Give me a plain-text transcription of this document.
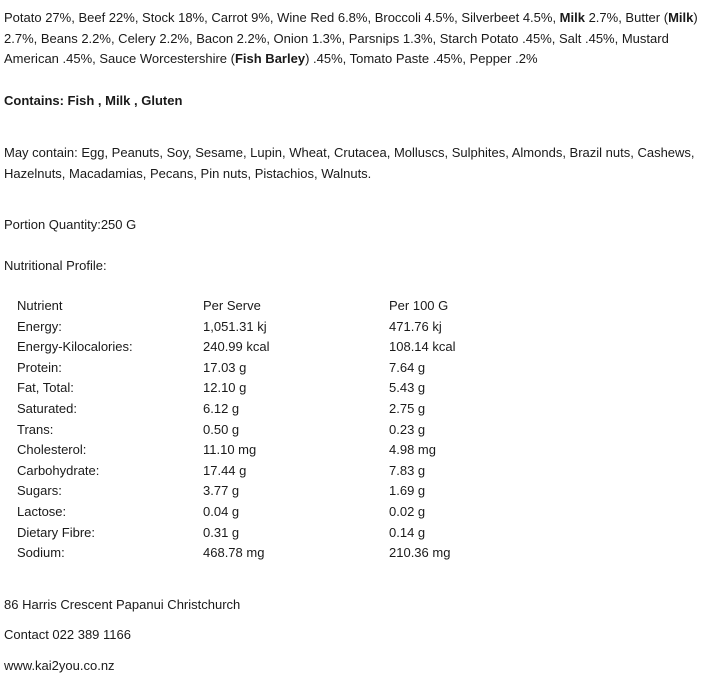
Potato 27%, Beef 22%, Stock 18%, Carrot 9%, Wine Red 6.8%, Broccoli 4.5%, Silverbeet 4.5%, Milk 2.7%, Butter (Milk) 2.7%, Beans 2.2%, Celery 2.2%, Bacon 2.2%, Onion 1.3%, Parsnips 1.3%, Starch Potato .45%, Salt .45%, Mustard American .45%, Sauce Worcestershire (Fish Barley) .45%, Tomato Paste .45%, Pepper .2%

Contains: Fish , Milk , Gluten

May contain: Egg, Peanuts, Soy, Sesame, Lupin, Wheat, Crutacea, Molluscs, Sulphites, Almonds, Brazil nuts, Cashews, Hazelnuts, Macadamias, Pecans, Pin nuts, Pistachios, Walnuts.

Portion Quantity:250 G

Nutritional Profile:

Nutrient	Per Serve	Per 100 G
Energy:	1,051.31 kj	471.76 kj
Energy-Kilocalories:	240.99 kcal	108.14 kcal
Protein:	17.03 g	7.64 g
Fat, Total:	12.10 g	5.43 g
Saturated:	6.12 g	2.75 g
Trans:	0.50 g	0.23 g
Cholesterol:	11.10 mg	4.98 mg
Carbohydrate:	17.44 g	7.83 g
Sugars:	3.77 g	1.69 g
Lactose:	0.04 g	0.02 g
Dietary Fibre:	0.31 g	0.14 g
Sodium:	468.78 mg	210.36 mg

86 Harris Crescent Papanui Christchurch

Contact 022 389 1166

www.kai2you.co.nz
